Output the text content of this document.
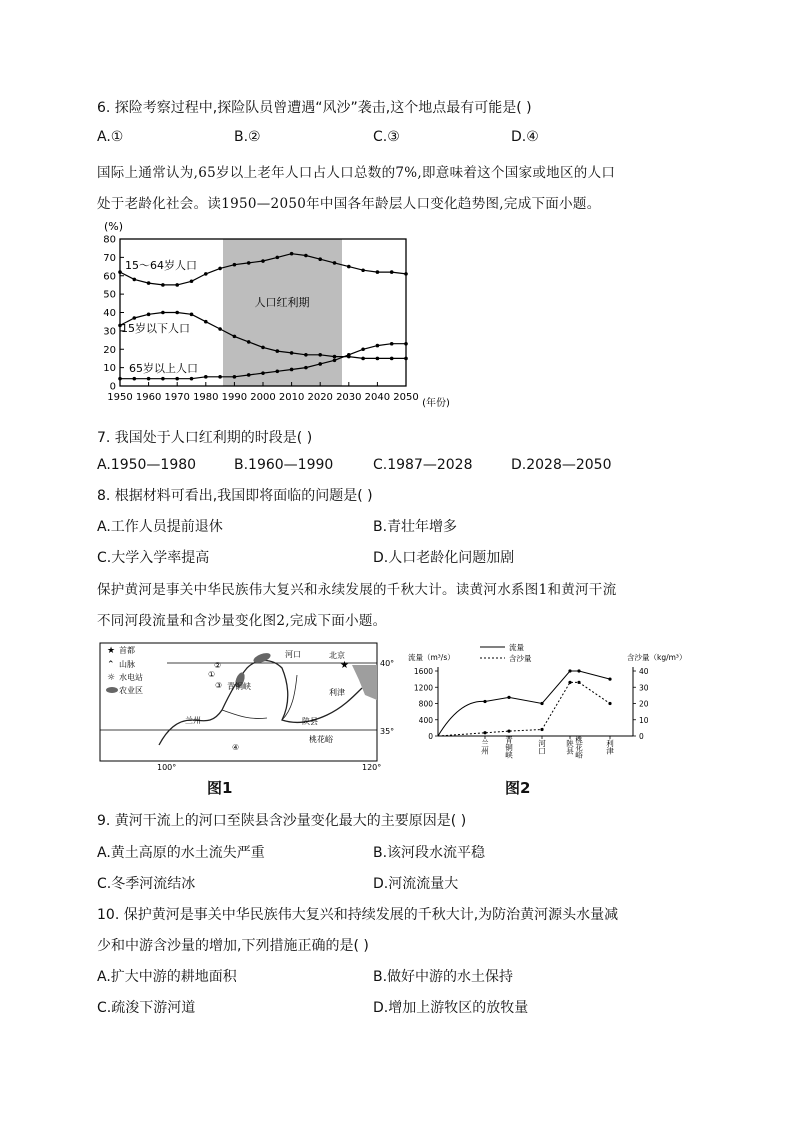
6. 探险考察过程中,探险队员曾遭遇“风沙”袭击,这个地点最有可能是( )
A.①	B.②	C.③	D.④
国际上通常认为,65岁以上老年人口占人口总数的7%,即意味着这个国家或地区的人口
处于老龄化社会。读1950—2050年中国各年龄层人口变化趋势图,完成下面小题。
(%)
人口红利期
(年份)
0
10
20
30
40
50
60
70
80
1950 1960 1970 1980 1990 2000 2010 2020 2030 2040 2050
15～64岁人口
15岁以下人口
65岁以上人口
7. 我国处于人口红利期的时段是( )
A.1950—1980	B.1960—1990	C.1987—2028	D.2028—2050
8. 根据材料可看出,我国即将面临的问题是( )
A.工作人员提前退休	B.青壮年增多
C.大学入学率提高	D.人口老龄化问题加剧
保护黄河是事关中华民族伟大复兴和永续发展的千秋大计。读黄河水系图1和黄河干流
不同河段流量和含沙量变化图2,完成下面小题。
★ 首都
⌃ 山脉
☼ 水电站
农业区
★
北京
河口
兰州
青铜峡
陕县
利津
桃花峪
①
②
③
④
40°
35°
100°	120°
图1
流量（m³/s）	含沙量（kg/m³）
流量
含沙量
0
400
800
1200
1600
0
10
20
30
40
兰州 青铜峡	河口	陕县 桃花峪	利津
图2
9. 黄河干流上的河口至陕县含沙量变化最大的主要原因是( )
A.黄土高原的水土流失严重	B.该河段水流平稳
C.冬季河流结冰	D.河流流量大
10. 保护黄河是事关中华民族伟大复兴和持续发展的千秋大计,为防治黄河源头水量减
少和中游含沙量的增加,下列措施正确的是( )
A.扩大中游的耕地面积	B.做好中游的水土保持
C.疏浚下游河道	D.增加上游牧区的放牧量
